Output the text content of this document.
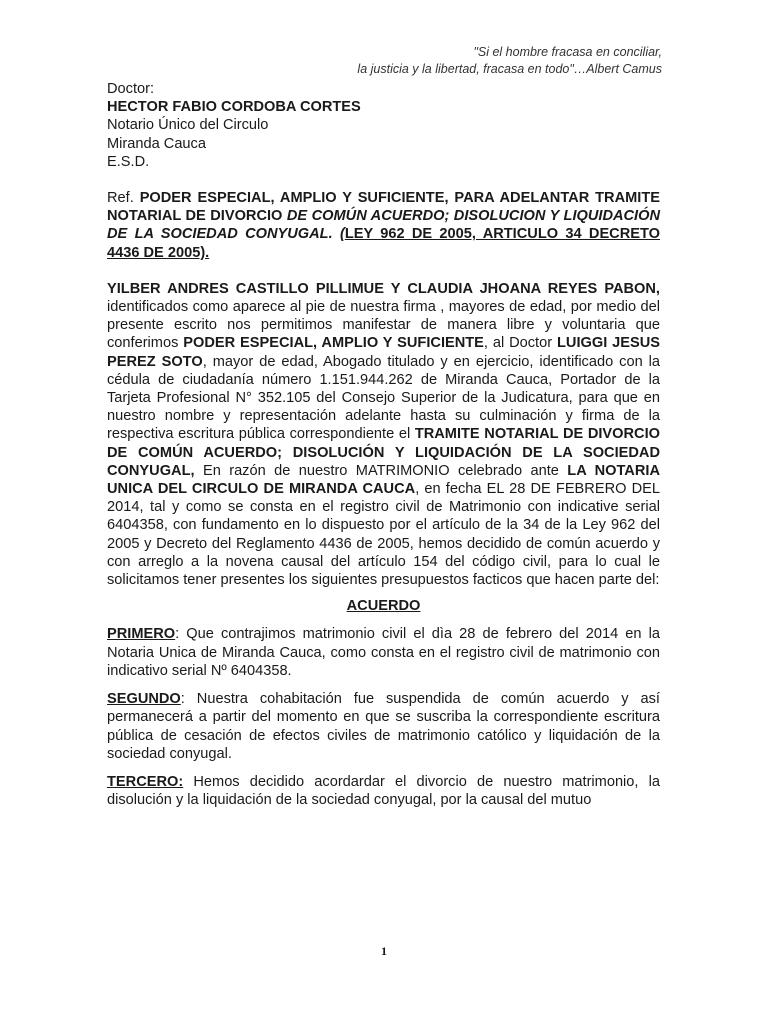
"Si el hombre fracasa en conciliar,
la justicia y la libertad, fracasa en todo"…Albert Camus

Doctor:

HECTOR FABIO CORDOBA CORTES

Notario Único del Circulo

Miranda Cauca

E.S.D.

Ref. PODER ESPECIAL, AMPLIO Y SUFICIENTE, PARA ADELANTAR TRAMITE NOTARIAL DE DIVORCIO DE COMÚN ACUERDO; DISOLUCION Y LIQUIDACIÓN DE LA SOCIEDAD CONYUGAL. (LEY 962 DE 2005, ARTICULO 34 DECRETO 4436 DE 2005).
YILBER ANDRES CASTILLO PILLIMUE Y CLAUDIA JHOANA REYES PABON, identificados como aparece al pie de nuestra firma , mayores de edad, por medio del presente escrito nos permitimos manifestar de manera libre y voluntaria que conferimos PODER ESPECIAL, AMPLIO Y SUFICIENTE, al Doctor LUIGGI JESUS PEREZ SOTO, mayor de edad, Abogado titulado y en ejercicio, identificado con la cédula de ciudadanía número 1.151.944.262 de Miranda Cauca, Portador de la Tarjeta Profesional N° 352.105 del Consejo Superior de la Judicatura, para que en nuestro nombre y representación adelante hasta su culminación y firma de la respectiva escritura pública correspondiente el TRAMITE NOTARIAL DE DIVORCIO DE COMÚN ACUERDO; DISOLUCIÓN Y LIQUIDACIÓN DE LA SOCIEDAD CONYUGAL, En razón de nuestro MATRIMONIO celebrado ante LA NOTARIA UNICA DEL CIRCULO DE MIRANDA CAUCA, en fecha EL 28 DE FEBRERO DEL 2014, tal y como se consta en el registro civil de Matrimonio con indicative serial 6404358, con fundamento en lo dispuesto por el artículo de la 34 de la Ley 962 del 2005 y Decreto del Reglamento 4436 de 2005, hemos decidido de común acuerdo y con arreglo a la novena causal del artículo 154 del código civil, para lo cual le solicitamos tener presentes los siguientes presupuestos facticos que hacen parte del:
ACUERDO
PRIMERO: Que contrajimos matrimonio civil el dìa 28 de febrero del 2014 en la Notaria Unica de Miranda Cauca, como consta en el registro civil de matrimonio con indicativo serial Nº 6404358.
SEGUNDO: Nuestra cohabitación fue suspendida de común acuerdo y así permanecerá a partir del momento en que se suscriba la correspondiente escritura pública de cesación de efectos civiles de matrimonio católico y liquidación de la sociedad conyugal.
TERCERO: Hemos decidido acordardar el divorcio de nuestro matrimonio, la disolución y la liquidación de la sociedad conyugal, por la causal del mutuo
1
